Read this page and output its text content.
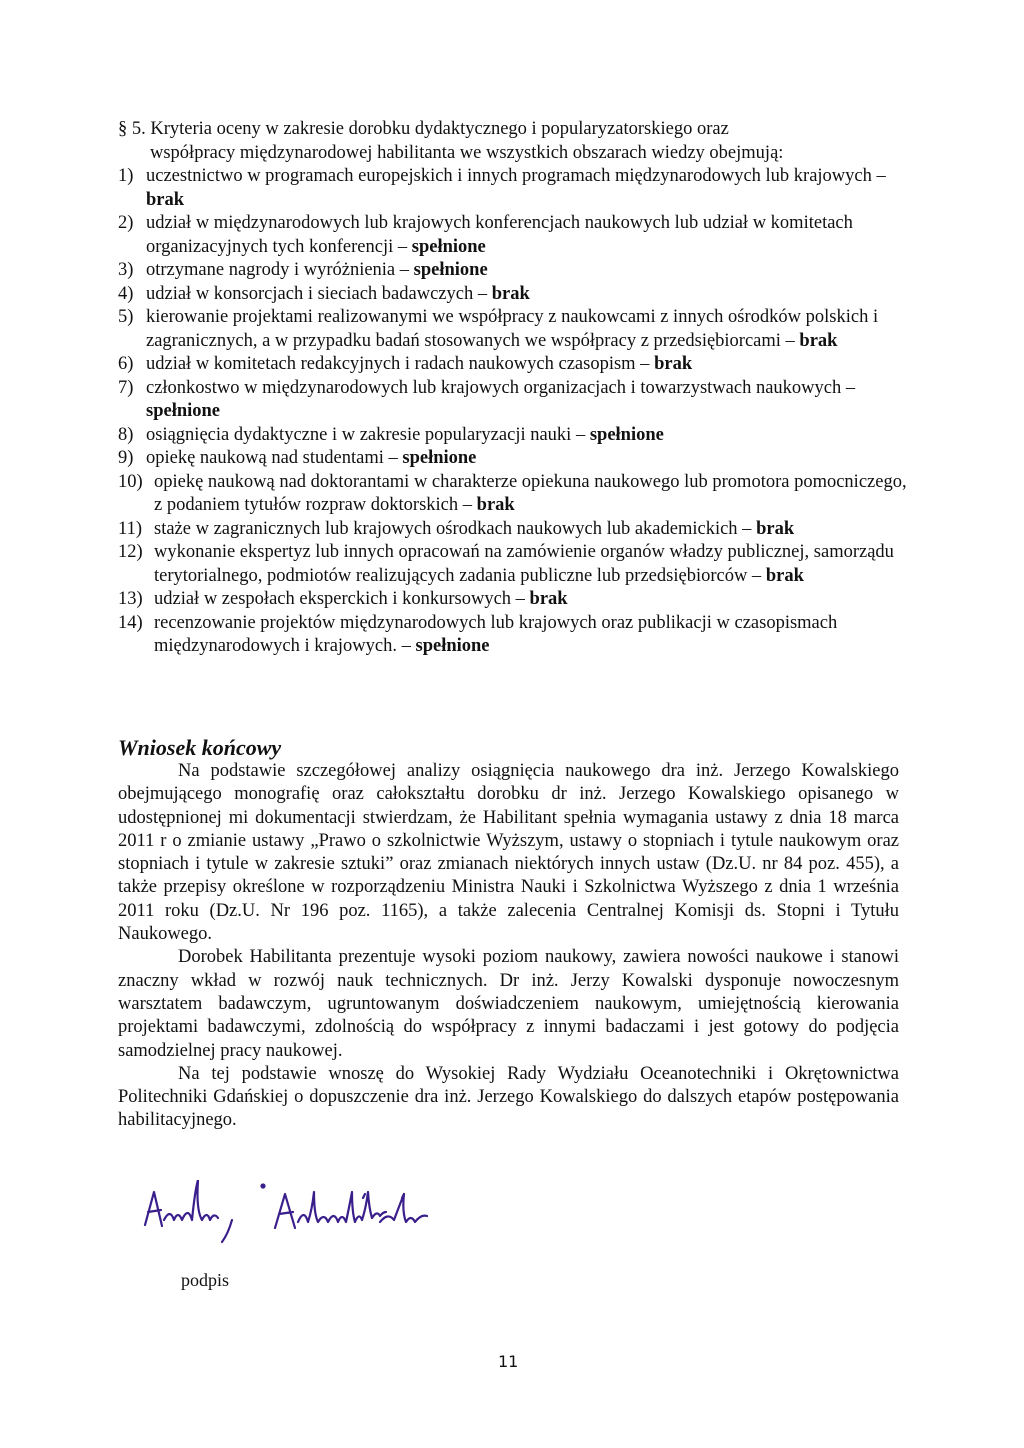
§ 5. Kryteria oceny w zakresie dorobku dydaktycznego i popularyzatorskiego oraz
współpracy międzynarodowej habilitanta we wszystkich obszarach wiedzy obejmują:
1) uczestnictwo w programach europejskich i innych programach międzynarodowych lub krajowych – brak
2) udział w międzynarodowych lub krajowych konferencjach naukowych lub udział w komitetach organizacyjnych tych konferencji – spełnione
3) otrzymane nagrody i wyróżnienia – spełnione
4) udział w konsorcjach i sieciach badawczych – brak
5) kierowanie projektami realizowanymi we współpracy z naukowcami z innych ośrodków polskich i zagranicznych, a w przypadku badań stosowanych we współpracy z przedsiębiorcami – brak
6) udział w komitetach redakcyjnych i radach naukowych czasopism – brak
7) członkostwo w międzynarodowych lub krajowych organizacjach i towarzystwach naukowych – spełnione
8) osiągnięcia dydaktyczne i w zakresie popularyzacji nauki – spełnione
9) opiekę naukową nad studentami – spełnione
10) opiekę naukową nad doktorantami w charakterze opiekuna naukowego lub promotora pomocniczego, z podaniem tytułów rozpraw doktorskich – brak
11) staże w zagranicznych lub krajowych ośrodkach naukowych lub akademickich – brak
12) wykonanie ekspertyz lub innych opracowań na zamówienie organów władzy publicznej, samorządu terytorialnego, podmiotów realizujących zadania publiczne lub przedsiębiorców – brak
13) udział w zespołach eksperckich i konkursowych – brak
14) recenzowanie projektów międzynarodowych lub krajowych oraz publikacji w czasopismach międzynarodowych i krajowych. – spełnione
Wniosek końcowy

Na podstawie szczegółowej analizy osiągnięcia naukowego dra inż. Jerzego Kowalskiego obejmującego monografię oraz całokształtu dorobku dr inż. Jerzego Kowalskiego opisanego w udostępnionej mi dokumentacji stwierdzam, że Habilitant spełnia wymagania ustawy z dnia 18 marca 2011 r o zmianie ustawy „Prawo o szkolnictwie Wyższym, ustawy o stopniach i tytule naukowym oraz stopniach i tytule w zakresie sztuki” oraz zmianach niektórych innych ustaw (Dz.U. nr 84 poz. 455), a także przepisy określone w rozporządzeniu Ministra Nauki i Szkolnictwa Wyższego z dnia 1 września 2011 roku (Dz.U. Nr 196 poz. 1165), a także zalecenia Centralnej Komisji ds. Stopni i Tytułu Naukowego.

Dorobek Habilitanta prezentuje wysoki poziom naukowy, zawiera nowości naukowe i stanowi znaczny wkład w rozwój nauk technicznych. Dr inż. Jerzy Kowalski dysponuje nowoczesnym warsztatem badawczym, ugruntowanym doświadczeniem naukowym, umiejętnością kierowania projektami badawczymi, zdolnością do współpracy z innymi badaczami i jest gotowy do podjęcia samodzielnej pracy naukowej.

Na tej podstawie wnoszę do Wysokiej Rady Wydziału Oceanotechniki i Okrętownictwa Politechniki Gdańskiej o dopuszczenie dra inż. Jerzego Kowalskiego do dalszych etapów postępowania habilitacyjnego.

podpis
11
